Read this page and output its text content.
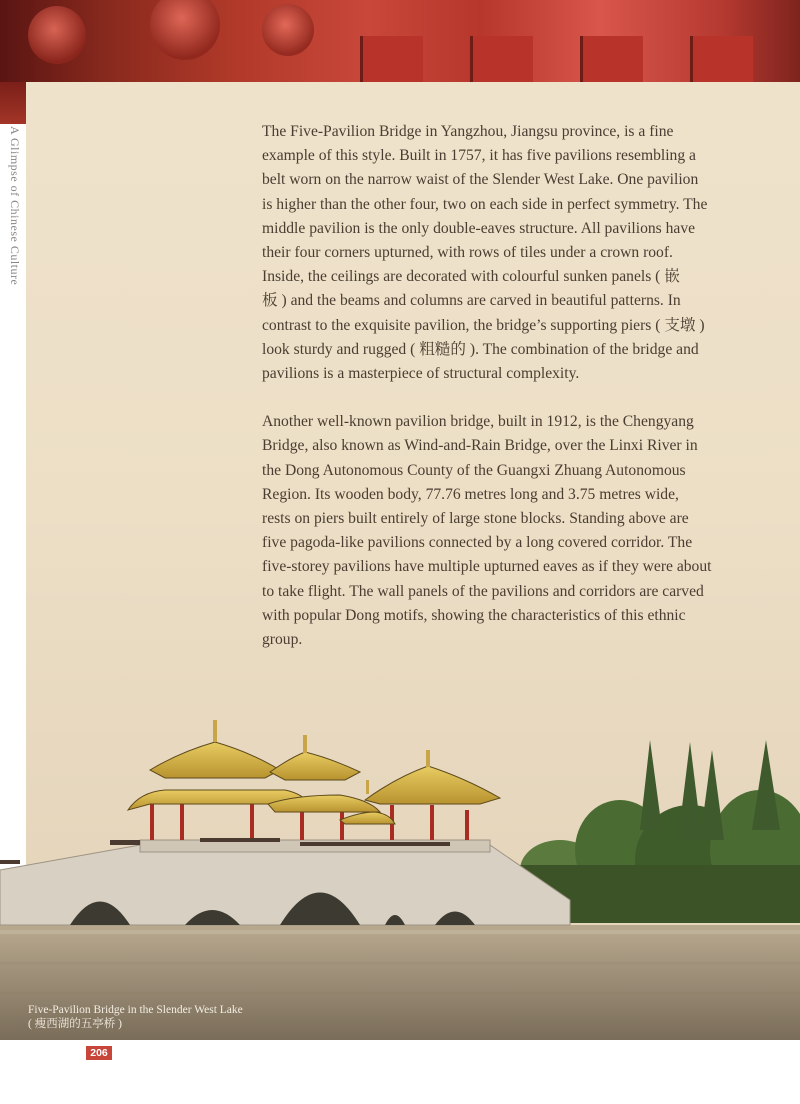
A Glimpse of Chinese Culture	The Five-Pavilion Bridge in Yangzhou, Jiangsu province, is a fine
example of this style. Built in 1757, it has five pavilions resembling a
belt worn on the narrow waist of the Slender West Lake. One pavilion
is higher than the other four, two on each side in perfect symmetry. The
middle pavilion is the only double-eaves structure. All pavilions have
their four corners upturned, with rows of tiles under a crown roof.
Inside, the ceilings are decorated with colourful sunken panels ( 嵌
板 ) and the beams and columns are carved in beautiful patterns. In
contrast to the exquisite pavilion, the bridge’s supporting piers ( 支墩 )
look sturdy and rugged ( 粗糙的 ). The combination of the bridge and
pavilions is a masterpiece of structural complexity.
Another well-known pavilion bridge, built in 1912, is the Chengyang
Bridge, also known as Wind-and-Rain Bridge, over the Linxi River in
the Dong Autonomous County of the Guangxi Zhuang Autonomous
Region. Its wooden body, 77.76 metres long and 3.75 metres wide,
rests on piers built entirely of large stone blocks. Standing above are
five pagoda-like pavilions connected by a long covered corridor. The
five-storey pavilions have multiple upturned eaves as if they were about
to take flight. The wall panels of the pavilions and corridors are carved
with popular Dong motifs, showing the characteristics of this ethnic
group.
Five-Pavilion Bridge in the Slender West Lake
( 瘦西湖的五亭桥 )
206
